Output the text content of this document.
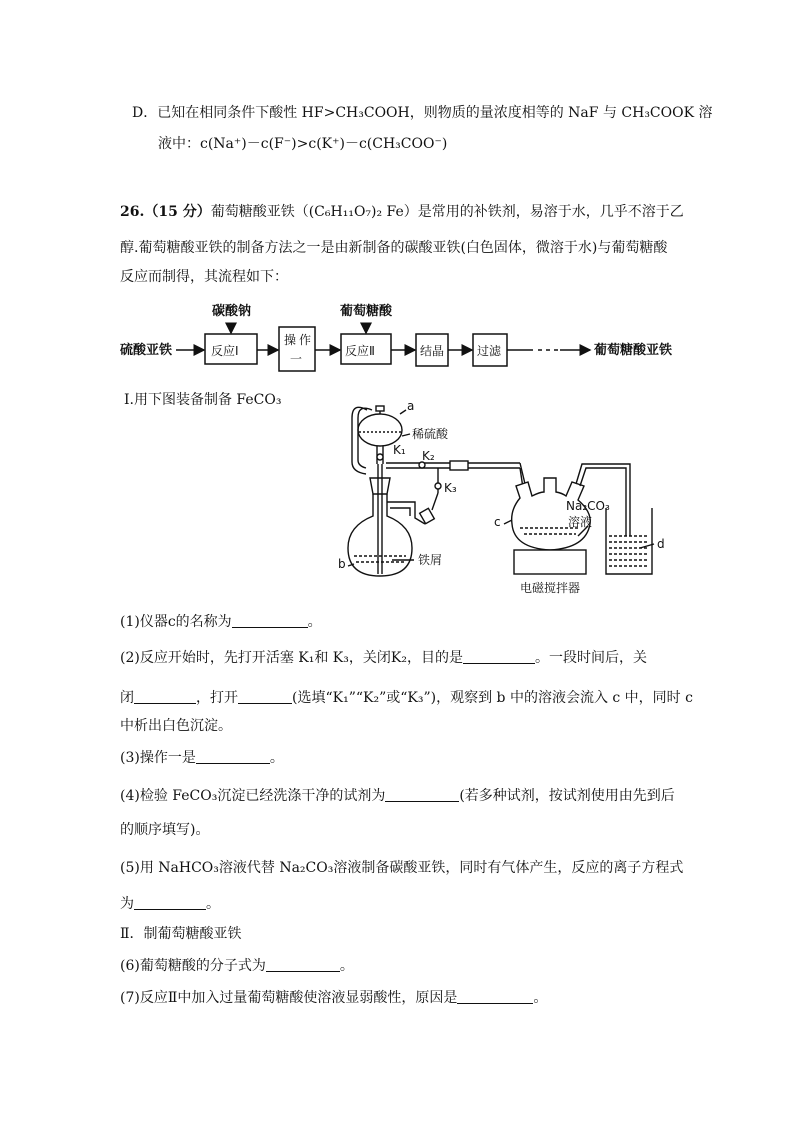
D．已知在相同条件下酸性 HF>CH₃COOH，则物质的量浓度相等的 NaF 与 CH₃COOK 溶
液中：c(Na⁺)－c(F⁻)>c(K⁺)－c(CH₃COO⁻)
26.（15 分）葡萄糖酸亚铁（(C₆H₁₁O₇)₂ Fe）是常用的补铁剂，易溶于水，几乎不溶于乙
醇.葡萄糖酸亚铁的制备方法之一是由新制备的碳酸亚铁(白色固体，微溶于水)与葡萄糖酸
反应而制得，其流程如下：
硫酸亚铁
碳酸钠	葡萄糖酸
葡萄糖酸亚铁
反应Ⅰ
操 作
一
反应Ⅱ	结晶	过滤
Ⅰ.用下图装备制备 FeCO₃	a
稀硫酸
K₁ K₂
K₃
Na₂CO₃
溶液
c
d
b	铁屑
电磁搅拌器
(1)仪器c的名称为	。
(2)反应开始时，先打开活塞 K₁和 K₃，关闭K₂，目的是	。一段时间后，关
闭	，打开	(选填“K₁”“K₂”或“K₃”)，观察到 b 中的溶液会流入 c 中，同时 c
中析出白色沉淀。
(3)操作一是	。
(4)检验 FeCO₃沉淀已经洗涤干净的试剂为	(若多种试剂，按试剂使用由先到后
的顺序填写)。
(5)用 NaHCO₃溶液代替 Na₂CO₃溶液制备碳酸亚铁，同时有气体产生，反应的离子方程式
为	。
Ⅱ．制葡萄糖酸亚铁
(6)葡萄糖酸的分子式为	。
(7)反应Ⅱ中加入过量葡萄糖酸使溶液显弱酸性，原因是	。
